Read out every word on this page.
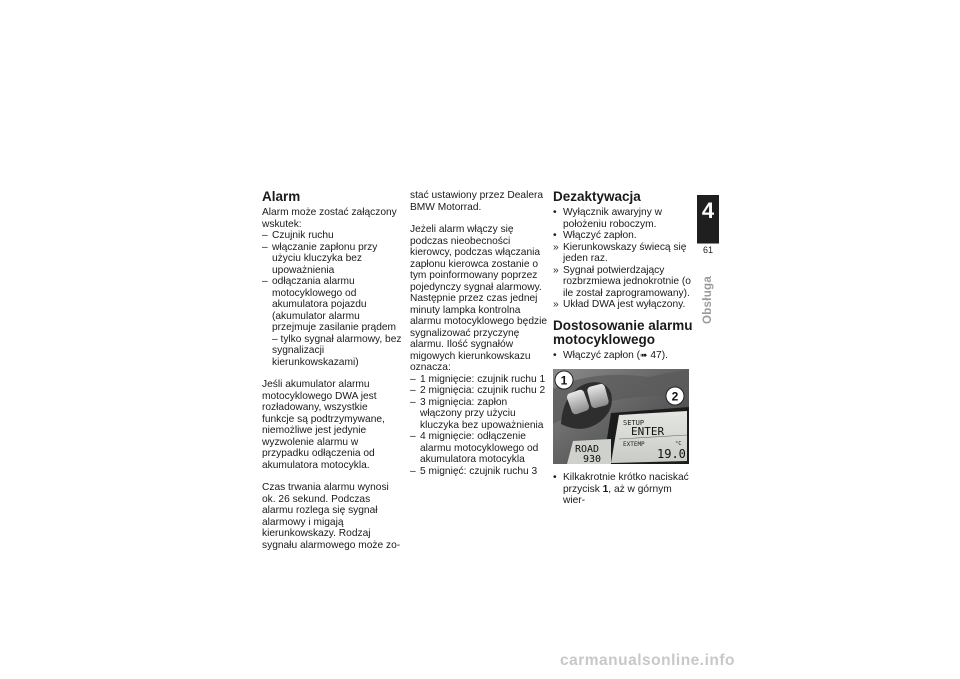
Alarm

Alarm może zostać załączony wskutek:

– Czujnik ruchu
– włączanie zapłonu przy użyciu kluczyka bez upoważnienia
– odłączania alarmu motocyklowego od akumulatora pojazdu (akumulator alarmu przejmuje zasilanie prądem – tylko sygnał alarmowy, bez sygnalizacji kierunkowskazami)

Jeśli akumulator alarmu motocyklowego DWA jest rozładowany, wszystkie funkcje są podtrzymywane, niemożliwe jest jedynie wyzwolenie alarmu w przypadku odłączenia od akumulatora motocykla.

Czas trwania alarmu wynosi ok. 26 sekund. Podczas alarmu rozlega się sygnał alarmowy i migają kierunkowskazy. Rodzaj sygnału alarmowego może zo-

stać ustawiony przez Dealera BMW Motorrad.

Jeżeli alarm włączy się podczas nieobecności kierowcy, podczas włączania zapłonu kierowca zostanie o tym poinformowany poprzez pojedynczy sygnał alarmowy. Następnie przez czas jednej minuty lampka kontrolna alarmu motocyklowego będzie sygnalizować przyczynę alarmu. Ilość sygnałów migowych kierunkowskazu oznacza:

– 1 mignięcie: czujnik ruchu 1
– 2 mignięcia: czujnik ruchu 2
– 3 mignięcia: zapłon włączony przy użyciu kluczyka bez upoważnienia
– 4 mignięcie: odłączenie alarmu motocyklowego od akumulatora motocykla
– 5 mignięć: czujnik ruchu 3
Dezaktywacja
• Wyłącznik awaryjny w położeniu roboczym.
• Włączyć zapłon.
» Kierunkowskazy świecą się jeden raz.
» Sygnał potwierdzający rozbrzmiewa jednokrotnie (o ile został zaprogramowany).
» Układ DWA jest wyłączony.
Dostosowanie alarmu motocyklowego
• Włączyć zapłon (➠ 47).
1
2
SETUP
ENTER
EXTEMP	°C
19.0
ROAD
930
• Kilkakrotnie krótko naciskać przycisk 1, aż w górnym wier-
4
61
Obsługa
carmanualsonline.info
